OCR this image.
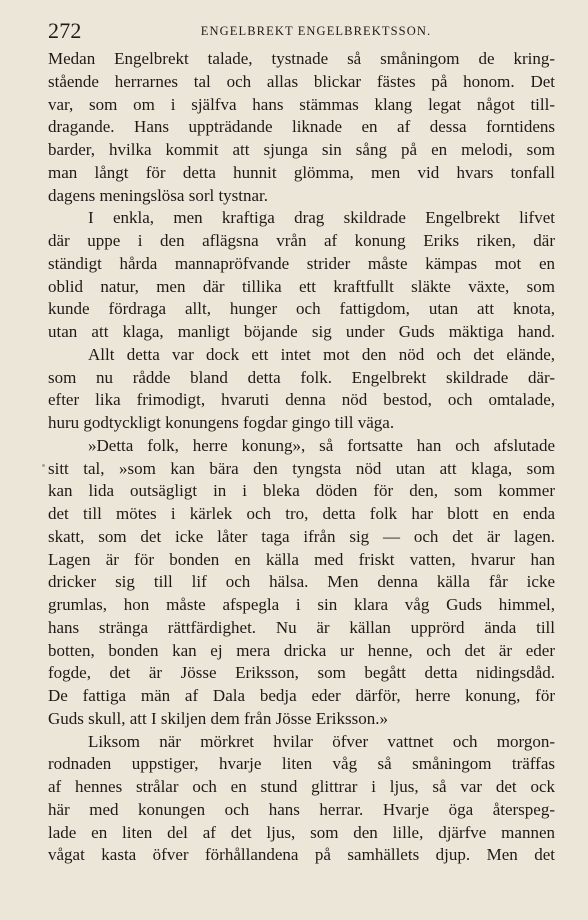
272	ENGELBREKT ENGELBREKTSSON.
Medan Engelbrekt talade, tystnade så småningom de kring-
stående herrarnes tal och allas blickar fästes på honom. Det
var, som om i själfva hans stämmas klang legat något till-
dragande. Hans uppträdande liknade en af dessa forntidens
barder, hvilka kommit att sjunga sin sång på en melodi, som
man långt för detta hunnit glömma, men vid hvars tonfall
dagens meningslösa sorl tystnar.
I enkla, men kraftiga drag skildrade Engelbrekt lifvet
där uppe i den aflägsna vrån af konung Eriks riken, där
ständigt hårda mannapröfvande strider måste kämpas mot en
oblid natur, men där tillika ett kraftfullt släkte växte, som
kunde fördraga allt, hunger och fattigdom, utan att knota,
utan att klaga, manligt böjande sig under Guds mäktiga hand.
Allt detta var dock ett intet mot den nöd och det elände,
som nu rådde bland detta folk. Engelbrekt skildrade där-
efter lika frimodigt, hvaruti denna nöd bestod, och omtalade,
huru godtyckligt konungens fogdar gingo till väga.
»Detta folk, herre konung», så fortsatte han och afslutade
sitt tal, »som kan bära den tyngsta nöd utan att klaga, som
kan lida outsägligt in i bleka döden för den, som kommer
det till mötes i kärlek och tro, detta folk har blott en enda
skatt, som det icke låter taga ifrån sig — och det är lagen.
Lagen är för bonden en källa med friskt vatten, hvarur han
dricker sig till lif och hälsa. Men denna källa får icke
grumlas, hon måste afspegla i sin klara våg Guds himmel,
hans stränga rättfärdighet. Nu är källan upprörd ända till
botten, bonden kan ej mera dricka ur henne, och det är eder
fogde, det är Jösse Eriksson, som begått detta nidingsdåd.
De fattiga män af Dala bedja eder därför, herre konung, för
Guds skull, att I skiljen dem från Jösse Eriksson.»
Liksom när mörkret hvilar öfver vattnet och morgon-
rodnaden uppstiger, hvarje liten våg så småningom träffas
af hennes strålar och en stund glittrar i ljus, så var det ock
här med konungen och hans herrar. Hvarje öga återspeg-
lade en liten del af det ljus, som den lille, djärfve mannen
vågat kasta öfver förhållandena på samhällets djup. Men det
